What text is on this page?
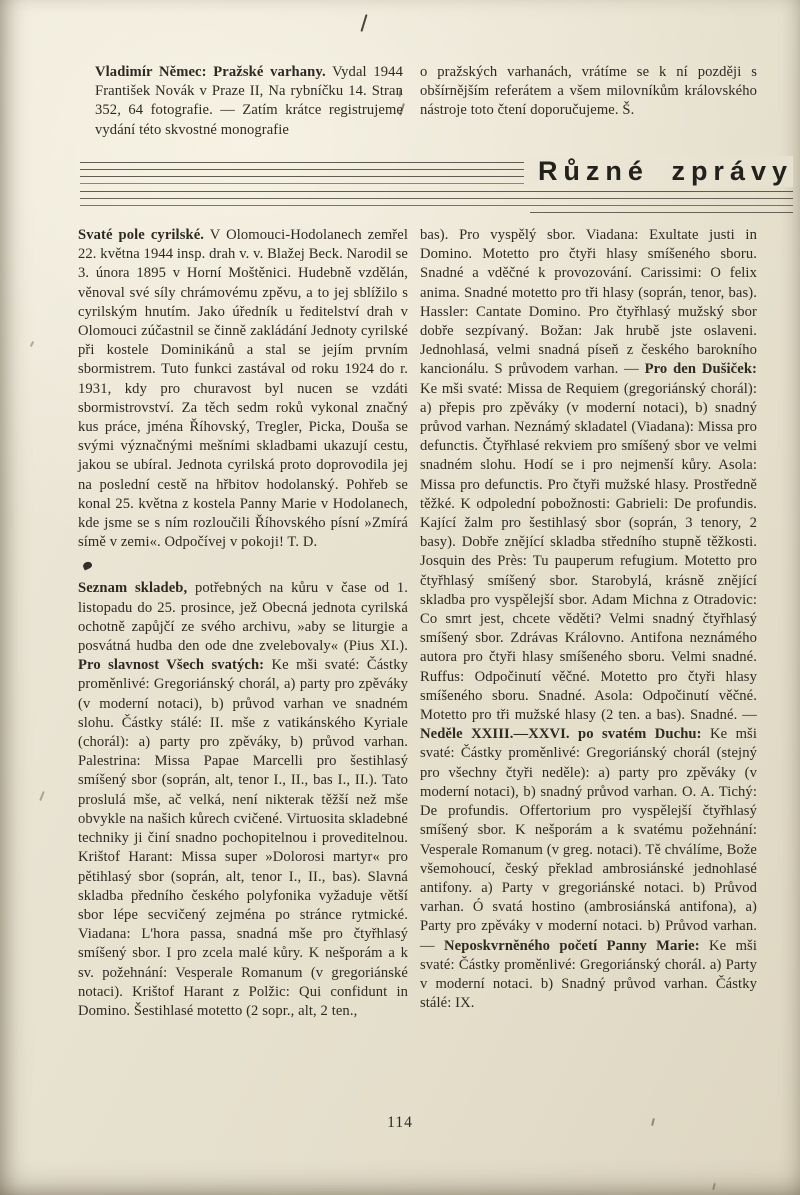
Vladimír Němec: Pražské varhany. Vydal 1944 František Novák v Praze II, Na rybníčku 14. Stran 352, 64 fotografie. — Zatím krátce registrujeme vydání této skvostné monografie

o pražských varhanách, vrátíme se k ní později s obšírnějším referátem a všem milovníkům královského nástroje toto čtení doporučujeme. Š.

Různé zprávy

Svaté pole cyrilské. V Olomouci-Hodolanech zemřel 22. května 1944 insp. drah v. v. Blažej Beck. Narodil se 3. února 1895 v Horní Moštěnici. Hudebně vzdělán, věnoval své síly chrámovému zpěvu, a to jej sblížilo s cyrilským hnutím. Jako úředník u ředitelství drah v Olomouci zúčastnil se činně zakládání Jednoty cyrilské při kostele Dominikánů a stal se jejím prvním sbormistrem. Tuto funkci zastával od roku 1924 do r. 1931, kdy pro churavost byl nucen se vzdáti sbormistrovství. Za těch sedm roků vykonal značný kus práce, jména Říhovský, Tregler, Picka, Douša se svými význačnými mešními skladbami ukazují cestu, jakou se ubíral. Jednota cyrilská proto doprovodila jej na poslední cestě na hřbitov hodolanský. Pohřeb se konal 25. května z kostela Panny Marie v Hodolanech, kde jsme se s ním rozloučili Říhovského písní »Zmírá símě v zemi«. Odpočívej v pokoji! T. D.

Seznam skladeb, potřebných na kůru v čase od 1. listopadu do 25. prosince, jež Obecná jednota cyrilská ochotně zapůjčí ze svého archivu, »aby se liturgie a posvátná hudba den ode dne zvelebovaly« (Pius XI.). Pro slavnost Všech svatých: Ke mši svaté: Částky proměnlivé: Gregoriánský chorál, a) party pro zpěváky (v moderní notaci), b) průvod varhan ve snadném slohu. Částky stálé: II. mše z vatikánského Kyriale (chorál): a) party pro zpěváky, b) průvod varhan. Palestrina: Missa Papae Marcelli pro šestihlasý smíšený sbor (soprán, alt, tenor I., II., bas I., II.). Tato proslulá mše, ač velká, není nikterak těžší než mše obvykle na našich kůrech cvičené. Virtuosita skladebné techniky ji činí snadno pochopitelnou i proveditelnou. Krištof Harant: Missa super »Dolorosi martyr« pro pětihlasý sbor (soprán, alt, tenor I., II., bas). Slavná skladba předního českého polyfonika vyžaduje větší sbor lépe secvičený zejména po stránce rytmické. Viadana: L'hora passa, snadná mše pro čtyřhlasý smíšený sbor. I pro zcela malé kůry. K nešporám a k sv. požehnání: Vesperale Romanum (v gregoriánské notaci). Krištof Harant z Polžic: Qui confidunt in Domino. Šestihlasé motetto (2 sopr., alt, 2 ten.,

bas). Pro vyspělý sbor. Viadana: Exultate justi in Domino. Motetto pro čtyři hlasy smíšeného sboru. Snadné a vděčné k provozování. Carissimi: O felix anima. Snadné motetto pro tři hlasy (soprán, tenor, bas). Hassler: Cantate Domino. Pro čtyřhlasý mužský sbor dobře sezpívaný. Božan: Jak hrubě jste oslaveni. Jednohlasá, velmi snadná píseň z českého barokního kancionálu. S průvodem varhan. — Pro den Dušiček: Ke mši svaté: Missa de Requiem (gregoriánský chorál): a) přepis pro zpěváky (v moderní notaci), b) snadný průvod varhan. Neznámý skladatel (Viadana): Missa pro defunctis. Čtyřhlasé rekviem pro smíšený sbor ve velmi snadném slohu. Hodí se i pro nejmenší kůry. Asola: Missa pro defunctis. Pro čtyři mužské hlasy. Prostředně těžké. K odpolední pobožnosti: Gabrieli: De profundis. Kající žalm pro šestihlasý sbor (soprán, 3 tenory, 2 basy). Dobře znějící skladba středního stupně těžkosti. Josquin des Près: Tu pauperum refugium. Motetto pro čtyřhlasý smíšený sbor. Starobylá, krásně znějící skladba pro vyspělejší sbor. Adam Michna z Otradovic: Co smrt jest, chcete věděti? Velmi snadný čtyřhlasý smíšený sbor. Zdrávas Královno. Antifona neznámého autora pro čtyři hlasy smíšeného sboru. Velmi snadné. Ruffus: Odpočinutí věčné. Motetto pro čtyři hlasy smíšeného sboru. Snadné. Asola: Odpočinutí věčné. Motetto pro tři mužské hlasy (2 ten. a bas). Snadné. — Neděle XXIII.—XXVI. po svatém Duchu: Ke mši svaté: Částky proměnlivé: Gregoriánský chorál (stejný pro všechny čtyři neděle): a) party pro zpěváky (v moderní notaci), b) snadný průvod varhan. O. A. Tichý: De profundis. Offertorium pro vyspělejší čtyřhlasý smíšený sbor. K nešporám a k svatému požehnání: Vesperale Romanum (v greg. notaci). Tě chválíme, Bože všemohoucí, český překlad ambrosiánské jednohlasé antifony. a) Party v gregoriánské notaci. b) Průvod varhan. Ó svatá hostino (ambrosiánská antifona), a) Party pro zpěváky v moderní notaci. b) Průvod varhan. — Neposkvrněného početí Panny Marie: Ke mši svaté: Částky proměnlivé: Gregoriánský chorál. a) Party v moderní notaci. b) Snadný průvod varhan. Částky stálé: IX.

114
